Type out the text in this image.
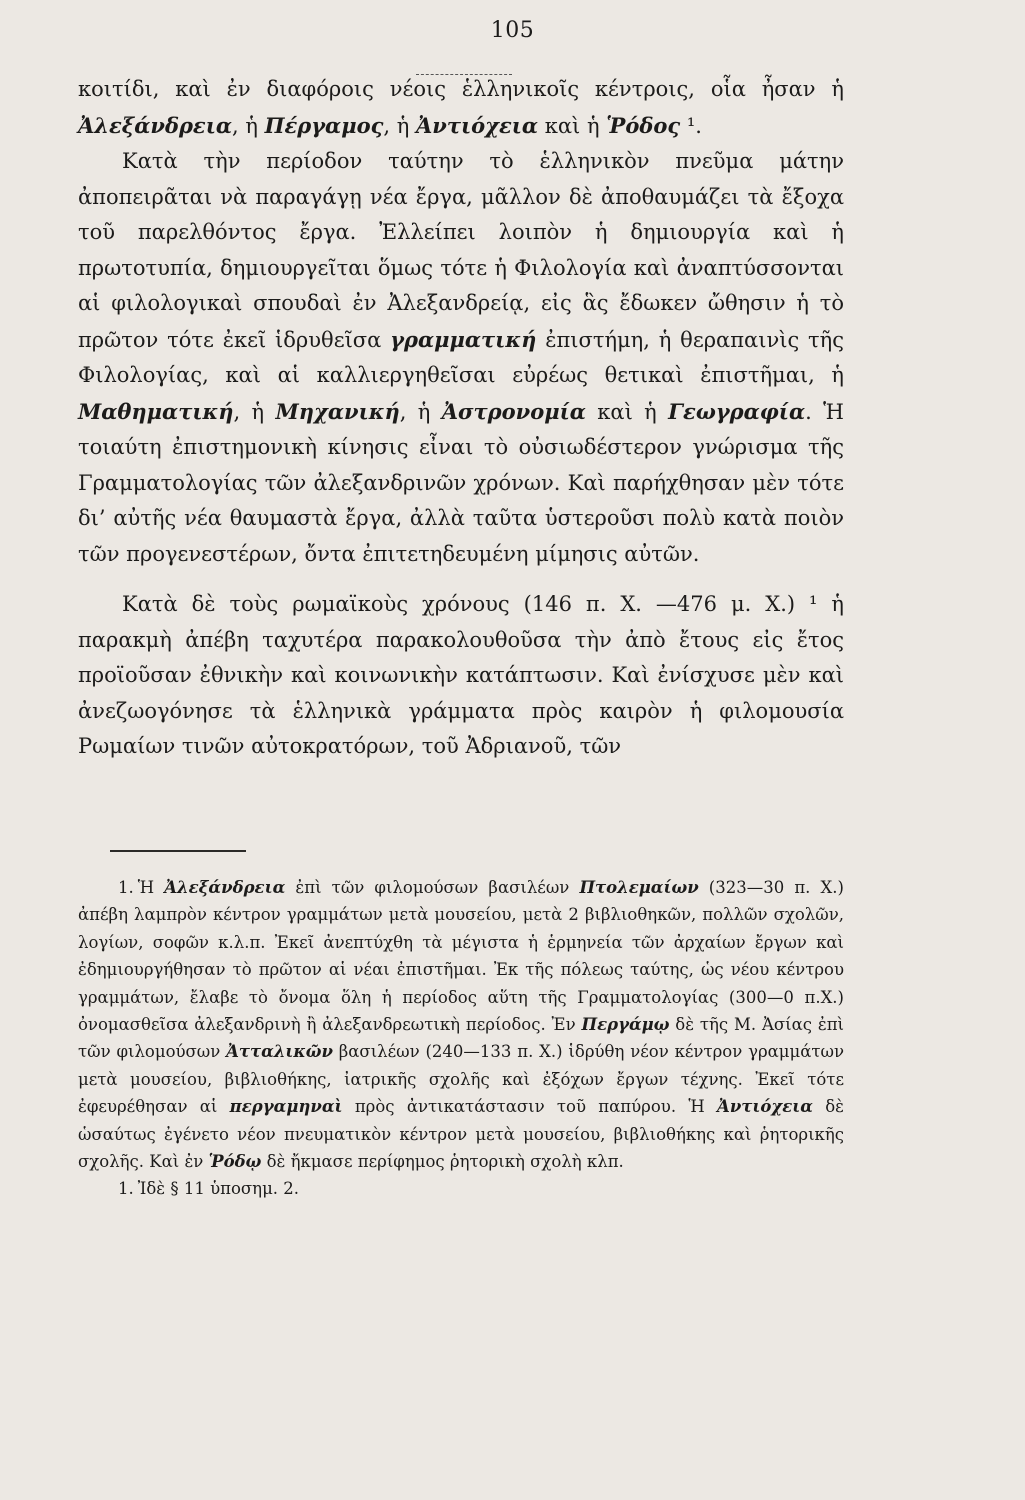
105

κοιτίδι, καὶ ἐν διαφόροις νέοις ἑλληνικοῖς κέντροις, οἷα ἦσαν ἡ Ἀλεξάνδρεια, ἡ Πέργαμος, ἡ Ἀντιόχεια καὶ ἡ Ῥόδος ¹.

Κατὰ τὴν περίοδον ταύτην τὸ ἑλληνικὸν πνεῦμα μάτην ἀποπειρᾶται νὰ παραγάγῃ νέα ἔργα, μᾶλλον δὲ ἀποθαυμάζει τὰ ἔξοχα τοῦ παρελθόντος ἔργα. Ἐλλείπει λοιπὸν ἡ δημιουργία καὶ ἡ πρωτοτυπία, δημιουργεῖται ὅμως τότε ἡ Φιλολογία καὶ ἀναπτύσσονται αἱ φιλολογικαὶ σπουδαὶ ἐν Ἀλεξανδρείᾳ, εἰς ἃς ἔδωκεν ὤθησιν ἡ τὸ πρῶτον τότε ἐκεῖ ἱδρυθεῖσα γραμματική ἐπιστήμη, ἡ θεραπαινὶς τῆς Φιλολογίας, καὶ αἱ καλλιεργηθεῖσαι εὐρέως θετικαὶ ἐπιστῆμαι, ἡ Μαθηματική, ἡ Μηχανική, ἡ Ἀστρονομία καὶ ἡ Γεωγραφία. Ἡ τοιαύτη ἐπιστημονικὴ κίνησις εἶναι τὸ οὐσιωδέστερον γνώρισμα τῆς Γραμματολογίας τῶν ἀλεξανδρινῶν χρόνων. Καὶ παρήχθησαν μὲν τότε δι’ αὐτῆς νέα θαυμαστὰ ἔργα, ἀλλὰ ταῦτα ὑστεροῦσι πολὺ κατὰ ποιὸν τῶν προγενεστέρων, ὄντα ἐπιτετηδευμένη μίμησις αὐτῶν.

Κατὰ δὲ τοὺς ρωμαϊκοὺς χρόνους (146 π. Χ. —476 μ. Χ.) ¹ ἡ παρακμὴ ἀπέβη ταχυτέρα παρακολουθοῦσα τὴν ἀπὸ ἔτους εἰς ἔτος προϊοῦσαν ἐθνικὴν καὶ κοινωνικὴν κατάπτωσιν. Καὶ ἐνίσχυσε μὲν καὶ ἀνεζωογόνησε τὰ ἑλληνικὰ γράμματα πρὸς καιρὸν ἡ φιλομουσία Ρωμαίων τινῶν αὐτοκρατόρων, τοῦ Ἀδριανοῦ, τῶν

1. Ἡ Ἀλεξάνδρεια ἐπὶ τῶν φιλομούσων βασιλέων Πτολεμαίων (323—30 π. Χ.) ἀπέβη λαμπρὸν κέντρον γραμμάτων μετὰ μουσείου, μετὰ 2 βιβλιοθηκῶν, πολλῶν σχολῶν, λογίων, σοφῶν κ.λ.π. Ἐκεῖ ἀνεπτύχθη τὰ μέγιστα ἡ ἑρμηνεία τῶν ἀρχαίων ἔργων καὶ ἐδημιουργήθησαν τὸ πρῶτον αἱ νέαι ἐπιστῆμαι. Ἐκ τῆς πόλεως ταύτης, ὡς νέου κέντρου γραμμάτων, ἔλαβε τὸ ὄνομα ὅλη ἡ περίοδος αὕτη τῆς Γραμματολογίας (300—0 π.Χ.) ὀνομασθεῖσα ἀλεξανδρινὴ ἢ ἀλεξανδρεωτικὴ περίοδος. Ἐν Περγάμῳ δὲ τῆς Μ. Ἀσίας ἐπὶ τῶν φιλομούσων Ἀτταλικῶν βασιλέων (240—133 π. Χ.) ἱδρύθη νέον κέντρον γραμμάτων μετὰ μουσείου, βιβλιοθήκης, ἰατρικῆς σχολῆς καὶ ἐξόχων ἔργων τέχνης. Ἐκεῖ τότε ἐφευρέθησαν αἱ περγαμηναὶ πρὸς ἀντικατάστασιν τοῦ παπύρου. Ἡ Ἀντιόχεια δὲ ὡσαύτως ἐγένετο νέον πνευματικὸν κέντρον μετὰ μουσείου, βιβλιοθήκης καὶ ῥητορικῆς σχολῆς. Καὶ ἐν Ῥόδῳ δὲ ἤκμασε περίφημος ῥητορικὴ σχολὴ κλπ.

1. Ἰδὲ § 11 ὑποσημ. 2.
